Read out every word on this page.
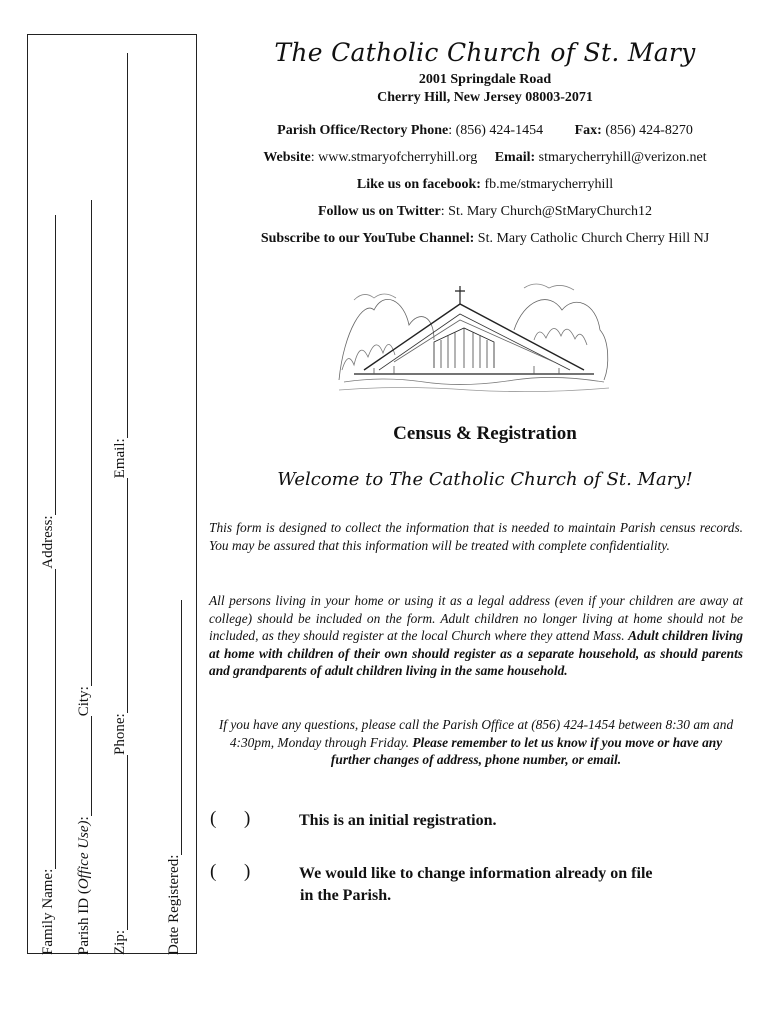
Family Name:
Address:
Parish ID (Office Use):
City:
Zip:
Phone:
Email:
Date Registered:
The Catholic Church of St. Mary
2001 Springdale Road
Cherry Hill, New Jersey 08003-2071
Parish Office/Rectory Phone: (856) 424-1454 Fax: (856) 424-8270
Website: www.stmaryofcherryhill.org Email: stmarycherryhill@verizon.net
Like us on facebook: fb.me/stmarycherryhill
Follow us on Twitter: St. Mary Church@StMaryChurch12
Subscribe to our YouTube Channel: St. Mary Catholic Church Cherry Hill NJ
Census & Registration
Welcome to The Catholic Church of St. Mary!
This form is designed to collect the information that is needed to maintain Parish census records. You may be assured that this information will be treated with complete confidentiality.
All persons living in your home or using it as a legal address (even if your children are away at college) should be included on the form. Adult children no longer living at home should not be included, as they should register at the local Church where they attend Mass. Adult children living at home with children of their own should register as a separate household, as should parents and grandparents of adult children living in the same household.
If you have any questions, please call the Parish Office at (856) 424-1454 between 8:30 am and 4:30pm, Monday through Friday. Please remember to let us know if you move or have any further changes of address, phone number, or email.
( )	This is an initial registration.
( )	We would like to change information already on file
in the Parish.
